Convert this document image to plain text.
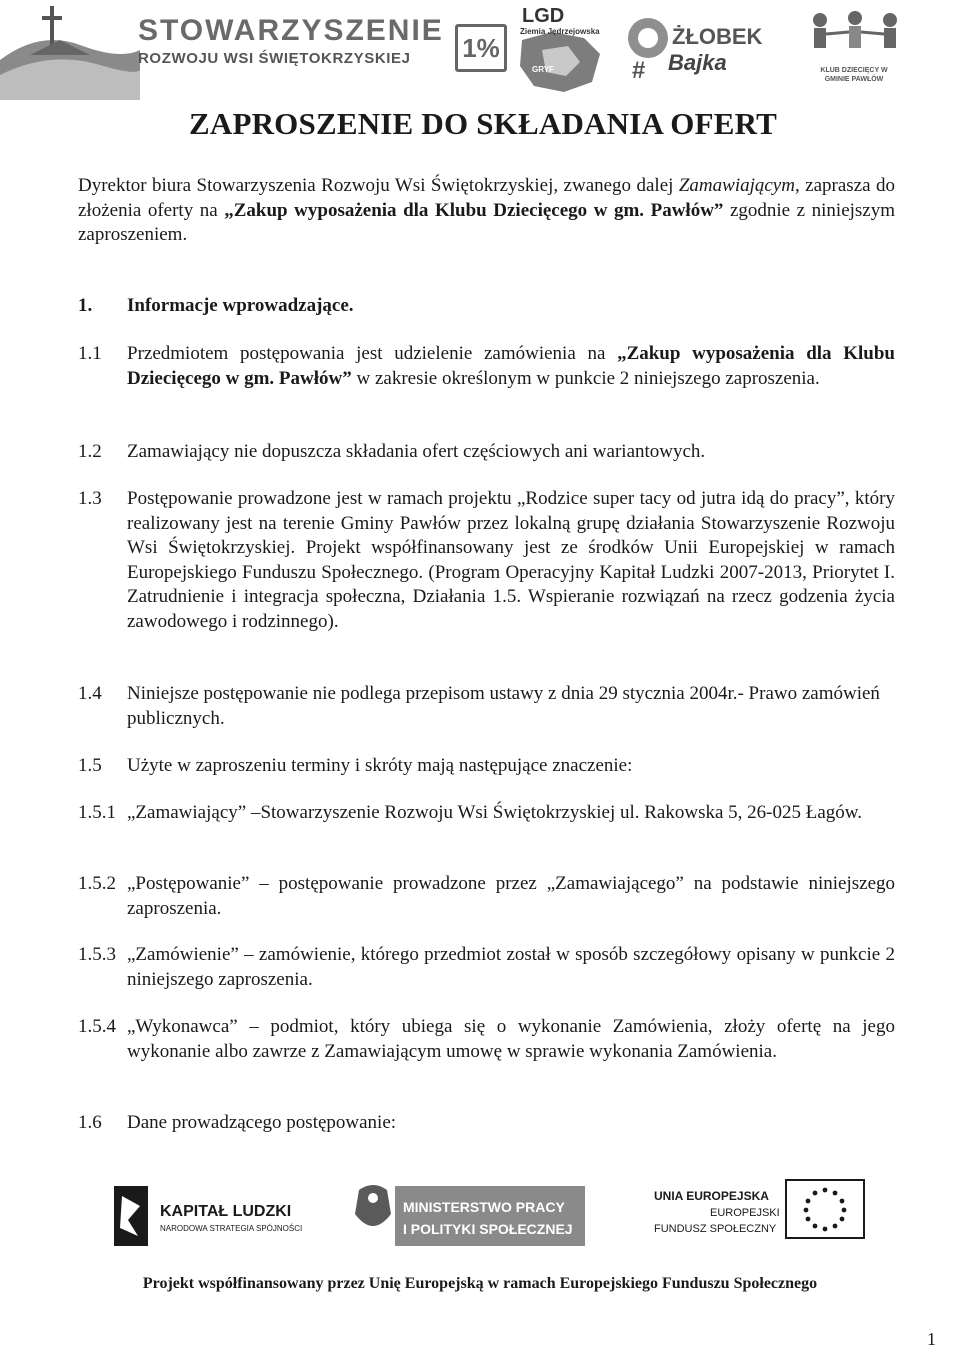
STOWARZYSZENIE
ROZWOJU WSI ŚWIĘTOKRZYSKIEJ 1%
LGD
Ziemia Jędrzejowska
GRYF	#
ŻŁOBEK
Bajka	KLUB DZIECIĘCY W GMINIE PAWŁÓW
ZAPROSZENIE DO SKŁADANIA OFERT
Dyrektor biura Stowarzyszenia Rozwoju Wsi Świętokrzyskiej, zwanego dalej Zamawiającym, zaprasza do złożenia oferty na „Zakup wyposażenia dla Klubu Dziecięcego w gm. Pawłów” zgodnie z niniejszym zaproszeniem.
1. Informacje wprowadzające.
1.1 Przedmiotem postępowania jest udzielenie zamówienia na „Zakup wyposażenia dla Klubu Dziecięcego w gm. Pawłów” w zakresie określonym w punkcie 2 niniejszego zaproszenia.
1.2 Zamawiający nie dopuszcza składania ofert częściowych ani wariantowych.
1.3 Postępowanie prowadzone jest w ramach projektu „Rodzice super tacy od jutra idą do pracy”, który realizowany jest na terenie Gminy Pawłów przez lokalną grupę działania Stowarzyszenie Rozwoju Wsi Świętokrzyskiej. Projekt współfinansowany jest ze środków Unii Europejskiej w ramach Europejskiego Funduszu Społecznego. (Program Operacyjny Kapitał Ludzki 2007-2013, Priorytet I. Zatrudnienie i integracja społeczna, Działania 1.5. Wspieranie rozwiązań na rzecz godzenia życia zawodowego i rodzinnego).
1.4 Niniejsze postępowanie nie podlega przepisom ustawy z dnia 29 stycznia 2004r.- Prawo zamówień publicznych.
1.5 Użyte w zaproszeniu terminy i skróty mają następujące znaczenie:
1.5.1 „Zamawiający” –Stowarzyszenie Rozwoju Wsi Świętokrzyskiej ul. Rakowska 5, 26-025 Łagów.
1.5.2 „Postępowanie” – postępowanie prowadzone przez „Zamawiającego” na podstawie niniejszego zaproszenia.
1.5.3 „Zamówienie” – zamówienie, którego przedmiot został w sposób szczegółowy opisany w punkcie 2 niniejszego zaproszenia.
1.5.4 „Wykonawca” – podmiot, który ubiega się o wykonanie Zamówienia, złoży ofertę na jego wykonanie albo zawrze z Zamawiającym umowę w sprawie wykonania Zamówienia.
1.6 Dane prowadzącego postępowanie:
KAPITAŁ LUDZKI
NARODOWA STRATEGIA SPÓJNOŚCI
MINISTERSTWO PRACY
I POLITYKI SPOŁECZNEJ
UNIA EUROPEJSKA
EUROPEJSKI
FUNDUSZ SPOŁECZNY
Projekt współfinansowany przez Unię Europejską w ramach Europejskiego Funduszu Społecznego
1
